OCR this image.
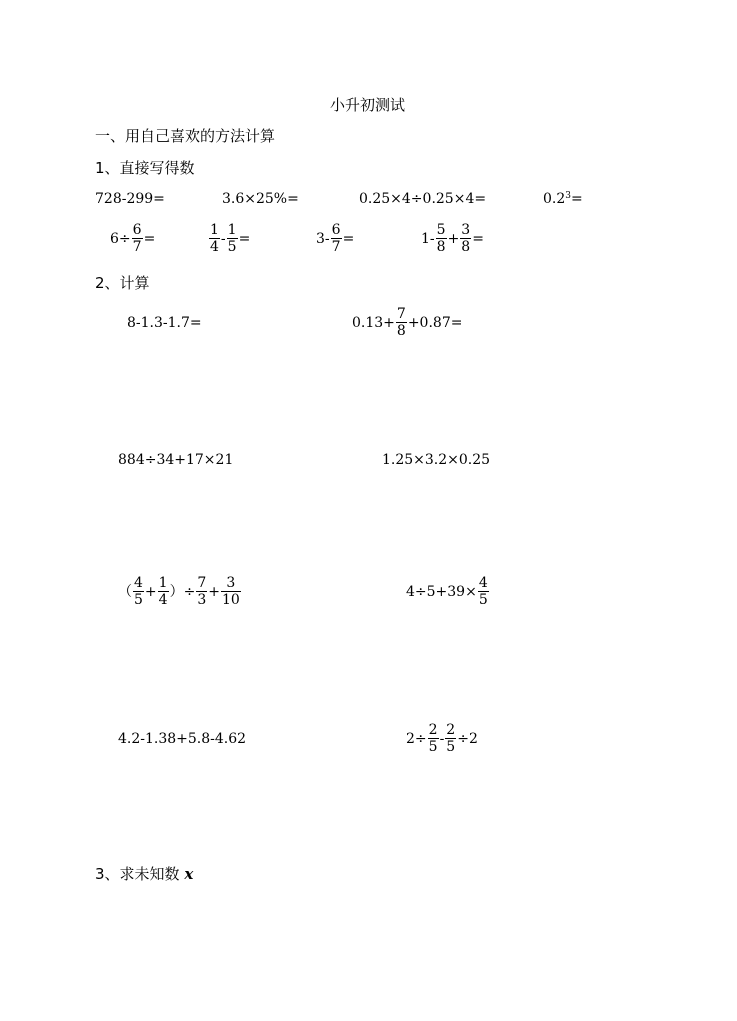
小升初测试
一、用自己喜欢的方法计算
1、直接写得数
728-299=	3.6×25%=	0.25×4÷0.25×4=	$0.2^3=$
$6\div \frac{6}{7}$ =	$\frac{1}{4} - \frac{1}{5}$ =	$3- \frac{6}{7}$ =	$1- \frac{5}{8} + \frac{3}{8}$ =
2、计算
8-1.3-1.7=	$0.13+ \frac{7}{8} +0.87=$
884÷34+17×21	1.25×3.2×0.25
（ $\frac{4}{5} + \frac{1}{4}$ ）÷ $\frac{7}{3} + \frac{3}{10}$	$4\div 5+39\times \frac{4}{5}$
4.2-1.38+5.8-4.62	$2\div \frac{2}{5} - \frac{2}{5} \div 2$
3、求未知数 x
